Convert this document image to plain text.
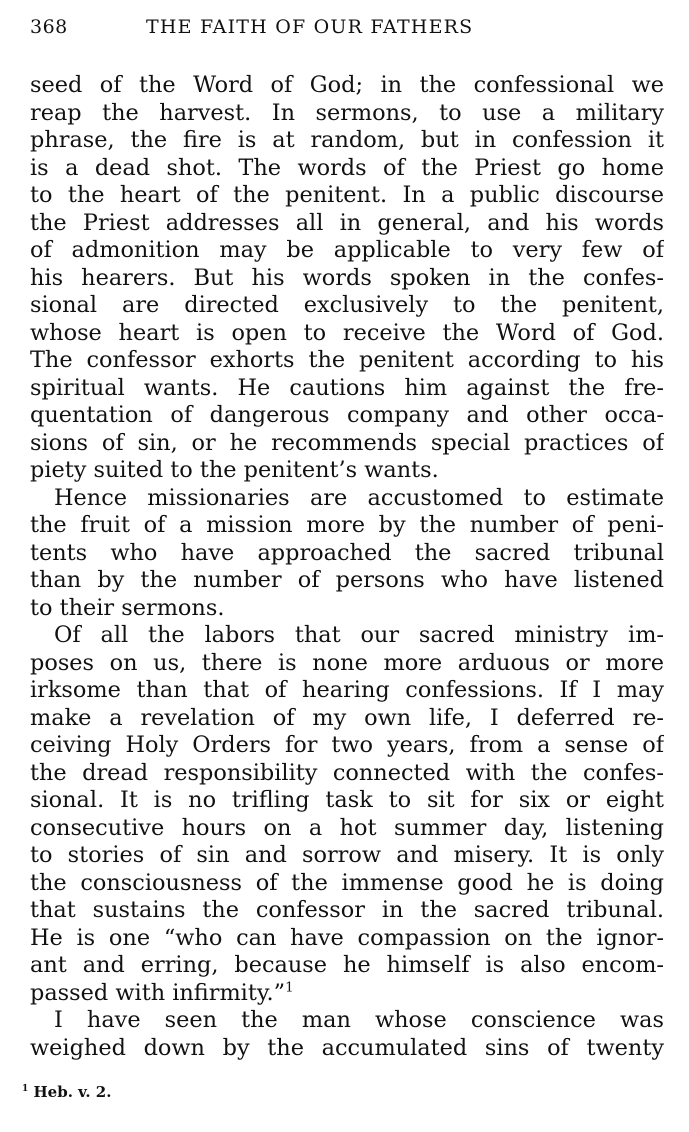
368	THE FAITH OF OUR FATHERS
seed of the Word of God; in the confessional we
reap the harvest. In sermons, to use a military
phrase, the fire is at random, but in confession it
is a dead shot. The words of the Priest go home
to the heart of the penitent. In a public discourse
the Priest addresses all in general, and his words
of admonition may be applicable to very few of
his hearers. But his words spoken in the confes-
sional are directed exclusively to the penitent,
whose heart is open to receive the Word of God.
The confessor exhorts the penitent according to his
spiritual wants. He cautions him against the fre-
quentation of dangerous company and other occa-
sions of sin, or he recommends special practices of
piety suited to the penitent’s wants.
Hence missionaries are accustomed to estimate
the fruit of a mission more by the number of peni-
tents who have approached the sacred tribunal
than by the number of persons who have listened
to their sermons.
Of all the labors that our sacred ministry im-
poses on us, there is none more arduous or more
irksome than that of hearing confessions. If I may
make a revelation of my own life, I deferred re-
ceiving Holy Orders for two years, from a sense of
the dread responsibility connected with the confes-
sional. It is no trifling task to sit for six or eight
consecutive hours on a hot summer day, listening
to stories of sin and sorrow and misery. It is only
the consciousness of the immense good he is doing
that sustains the confessor in the sacred tribunal.
He is one “who can have compassion on the ignor-
ant and erring, because he himself is also encom-
passed with infirmity.”$^1$
I have seen the man whose conscience was
weighed down by the accumulated sins of twenty
$^1$ Heb. v. 2.
